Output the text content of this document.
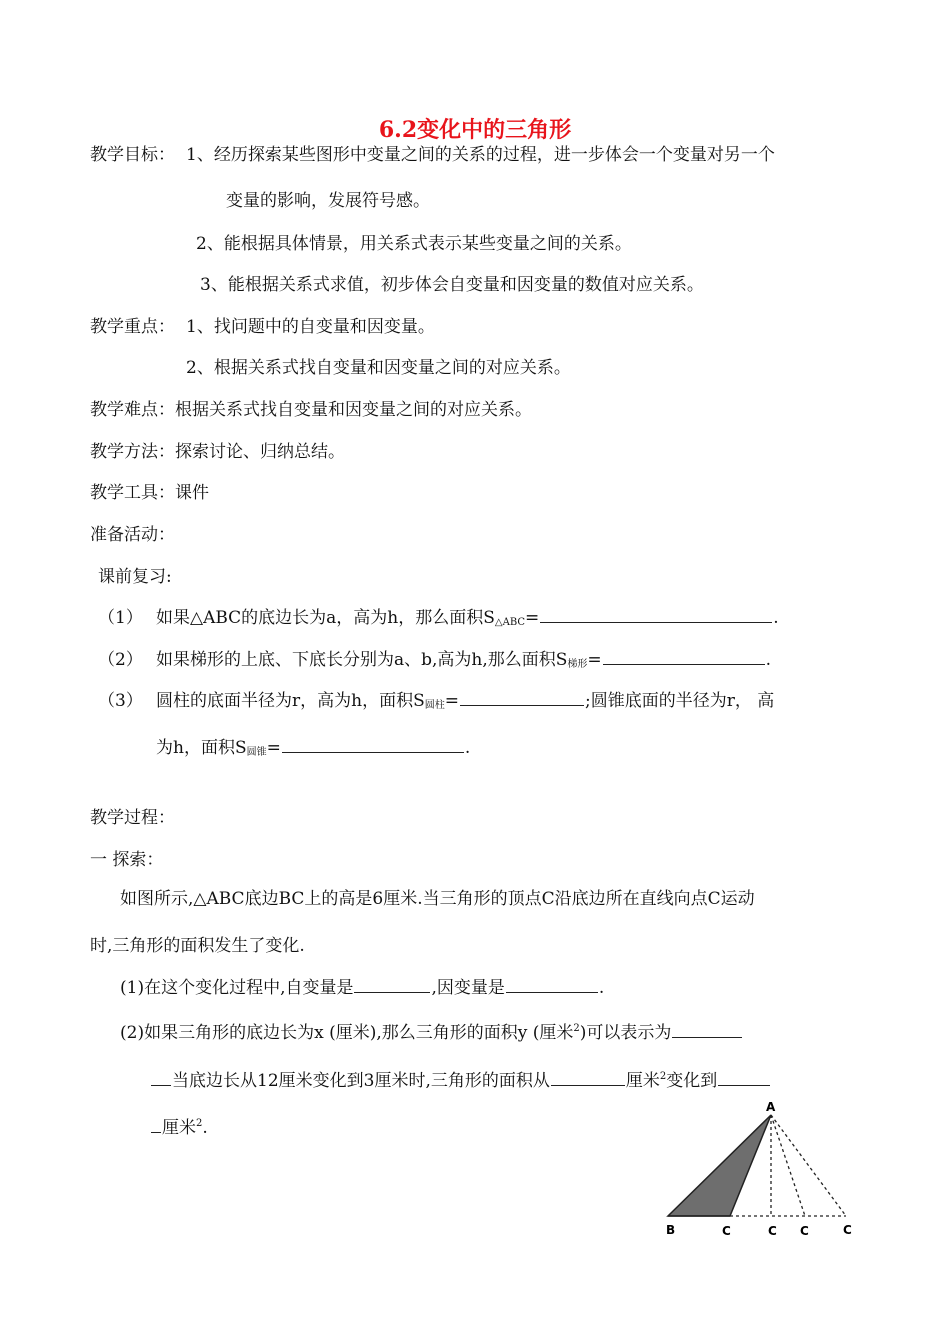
6.2变化中的三角形
教学目标： 1、经历探索某些图形中变量之间的关系的过程，进一步体会一个变量对另一个
变量的影响，发展符号感。
2、能根据具体情景，用关系式表示某些变量之间的关系。
3、能根据关系式求值，初步体会自变量和因变量的数值对应关系。
教学重点： 1、找问题中的自变量和因变量。
2、根据关系式找自变量和因变量之间的对应关系。
教学难点：根据关系式找自变量和因变量之间的对应关系。
教学方法：探索讨论、归纳总结。
教学工具：课件
准备活动：
课前复习:
（1） 如果△ABC的底边长为a，高为h，那么面积$S_{\triangle ABC}=$	.
（2） 如果梯形的上底、下底长分别为a、b,高为h,那么面积$S_{梯形}=$	.
（3） 圆柱的底面半径为r，高为h，面积$S_{圆柱}=$	;圆锥底面的半径为r， 高
为h，面积$S_{圆锥}=$	.
教学过程：
一 探索：
如图所示,△ABC底边BC上的高是6厘米.当三角形的顶点C沿底边所在直线向点C运动
时,三角形的面积发生了变化.
(1)在这个变化过程中,自变量是	,因变量是	.
(2)如果三角形的底边长为x (厘米),那么三角形的面积y (厘米$^2$)可以表示为
当底边长从12厘米变化到3厘米时,三角形的面积从	厘米$^2$变化到
厘米$^2$.
A
B	C	C C	C
